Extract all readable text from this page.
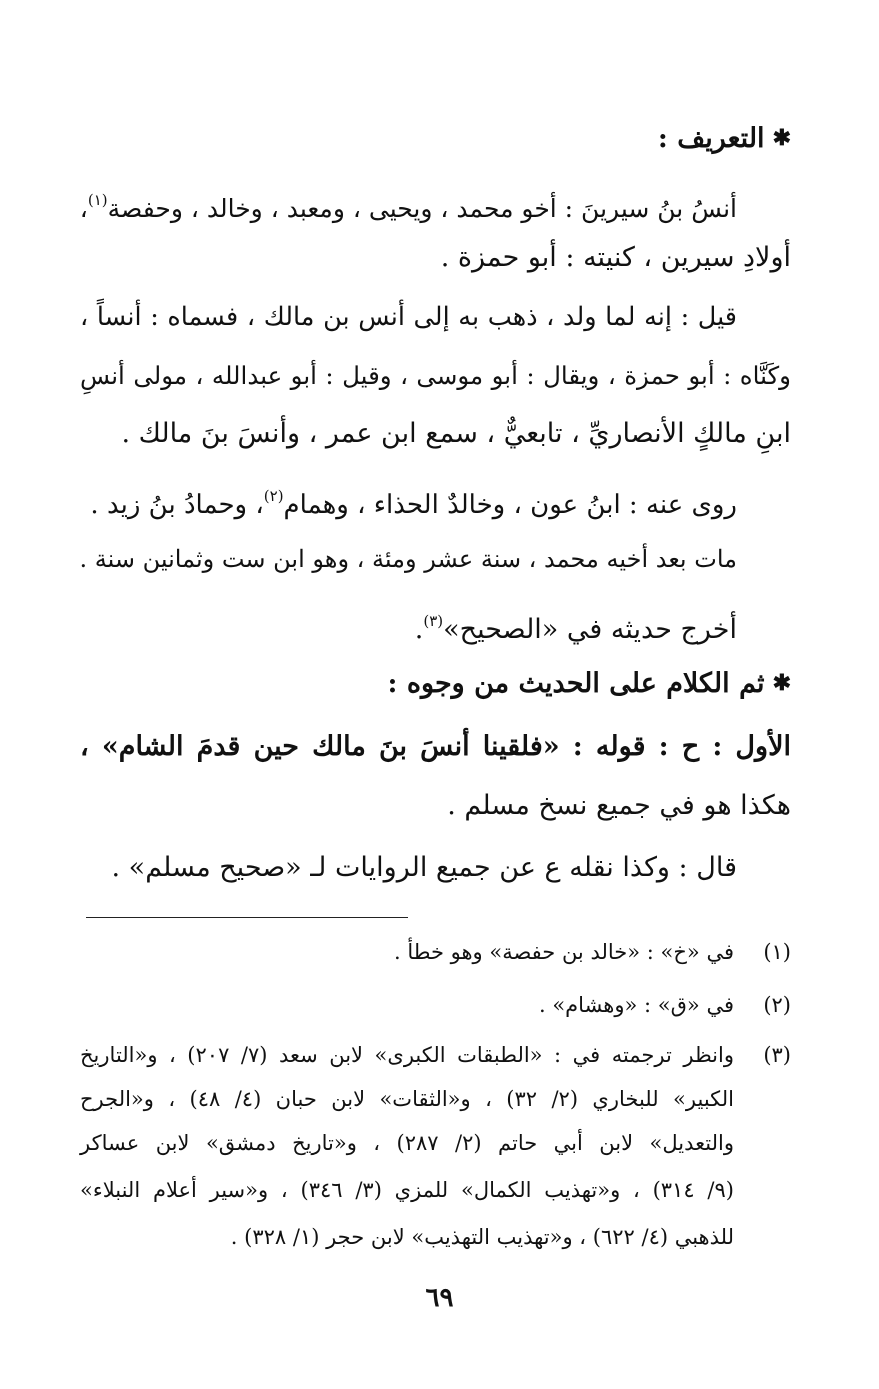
✱التعريف :
أنسُ بنُ سيرينَ : أخو محمد ، ويحيى ، ومعبد ، وخالد ، وحفصة$^{(١)}$،
أولادِ سيرين ، كنيته : أبو حمزة .
قيل : إنه لما ولد ، ذهب به إلى أنس بن مالك ، فسماه : أنساً ،
وكَنَّاه : أبو حمزة ، ويقال : أبو موسى ، وقيل : أبو عبدالله ، مولى أنسِ
ابنِ مالكٍ الأنصاريِّ ، تابعيٌّ ، سمع ابن عمر ، وأنسَ بنَ مالك .
روى عنه : ابنُ عون ، وخالدٌ الحذاء ، وهمام$^{(٢)}$، وحمادُ بنُ زيد .
مات بعد أخيه محمد ، سنة عشر ومئة ، وهو ابن ست وثمانين سنة .
أخرج حديثه في «الصحيح»$^{(٣)}$.
✱ثم الكلام على الحديث من وجوه :
الأول : ح : قوله : «فلقينا أنسَ بنَ مالك حين قدمَ الشام» ،
هكذا هو في جميع نسخ مسلم .
قال : وكذا نقله ع عن جميع الروايات لـ «صحيح مسلم» .
(١)في «خ» : «خالد بن حفصة» وهو خطأ .
(٢)في «ق» : «وهشام» .
(٣)وانظر ترجمته في : «الطبقات الكبرى» لابن سعد (٧/ ٢٠٧) ، و«التاريخ
الكبير» للبخاري (٢/ ٣٢) ، و«الثقات» لابن حبان (٤/ ٤٨) ، و«الجرح
والتعديل» لابن أبي حاتم (٢/ ٢٨٧) ، و«تاريخ دمشق» لابن عساكر
(٩/ ٣١٤) ، و«تهذيب الكمال» للمزي (٣/ ٣٤٦) ، و«سير أعلام النبلاء»
للذهبي (٤/ ٦٢٢) ، و«تهذيب التهذيب» لابن حجر (١/ ٣٢٨) .
٦٩
